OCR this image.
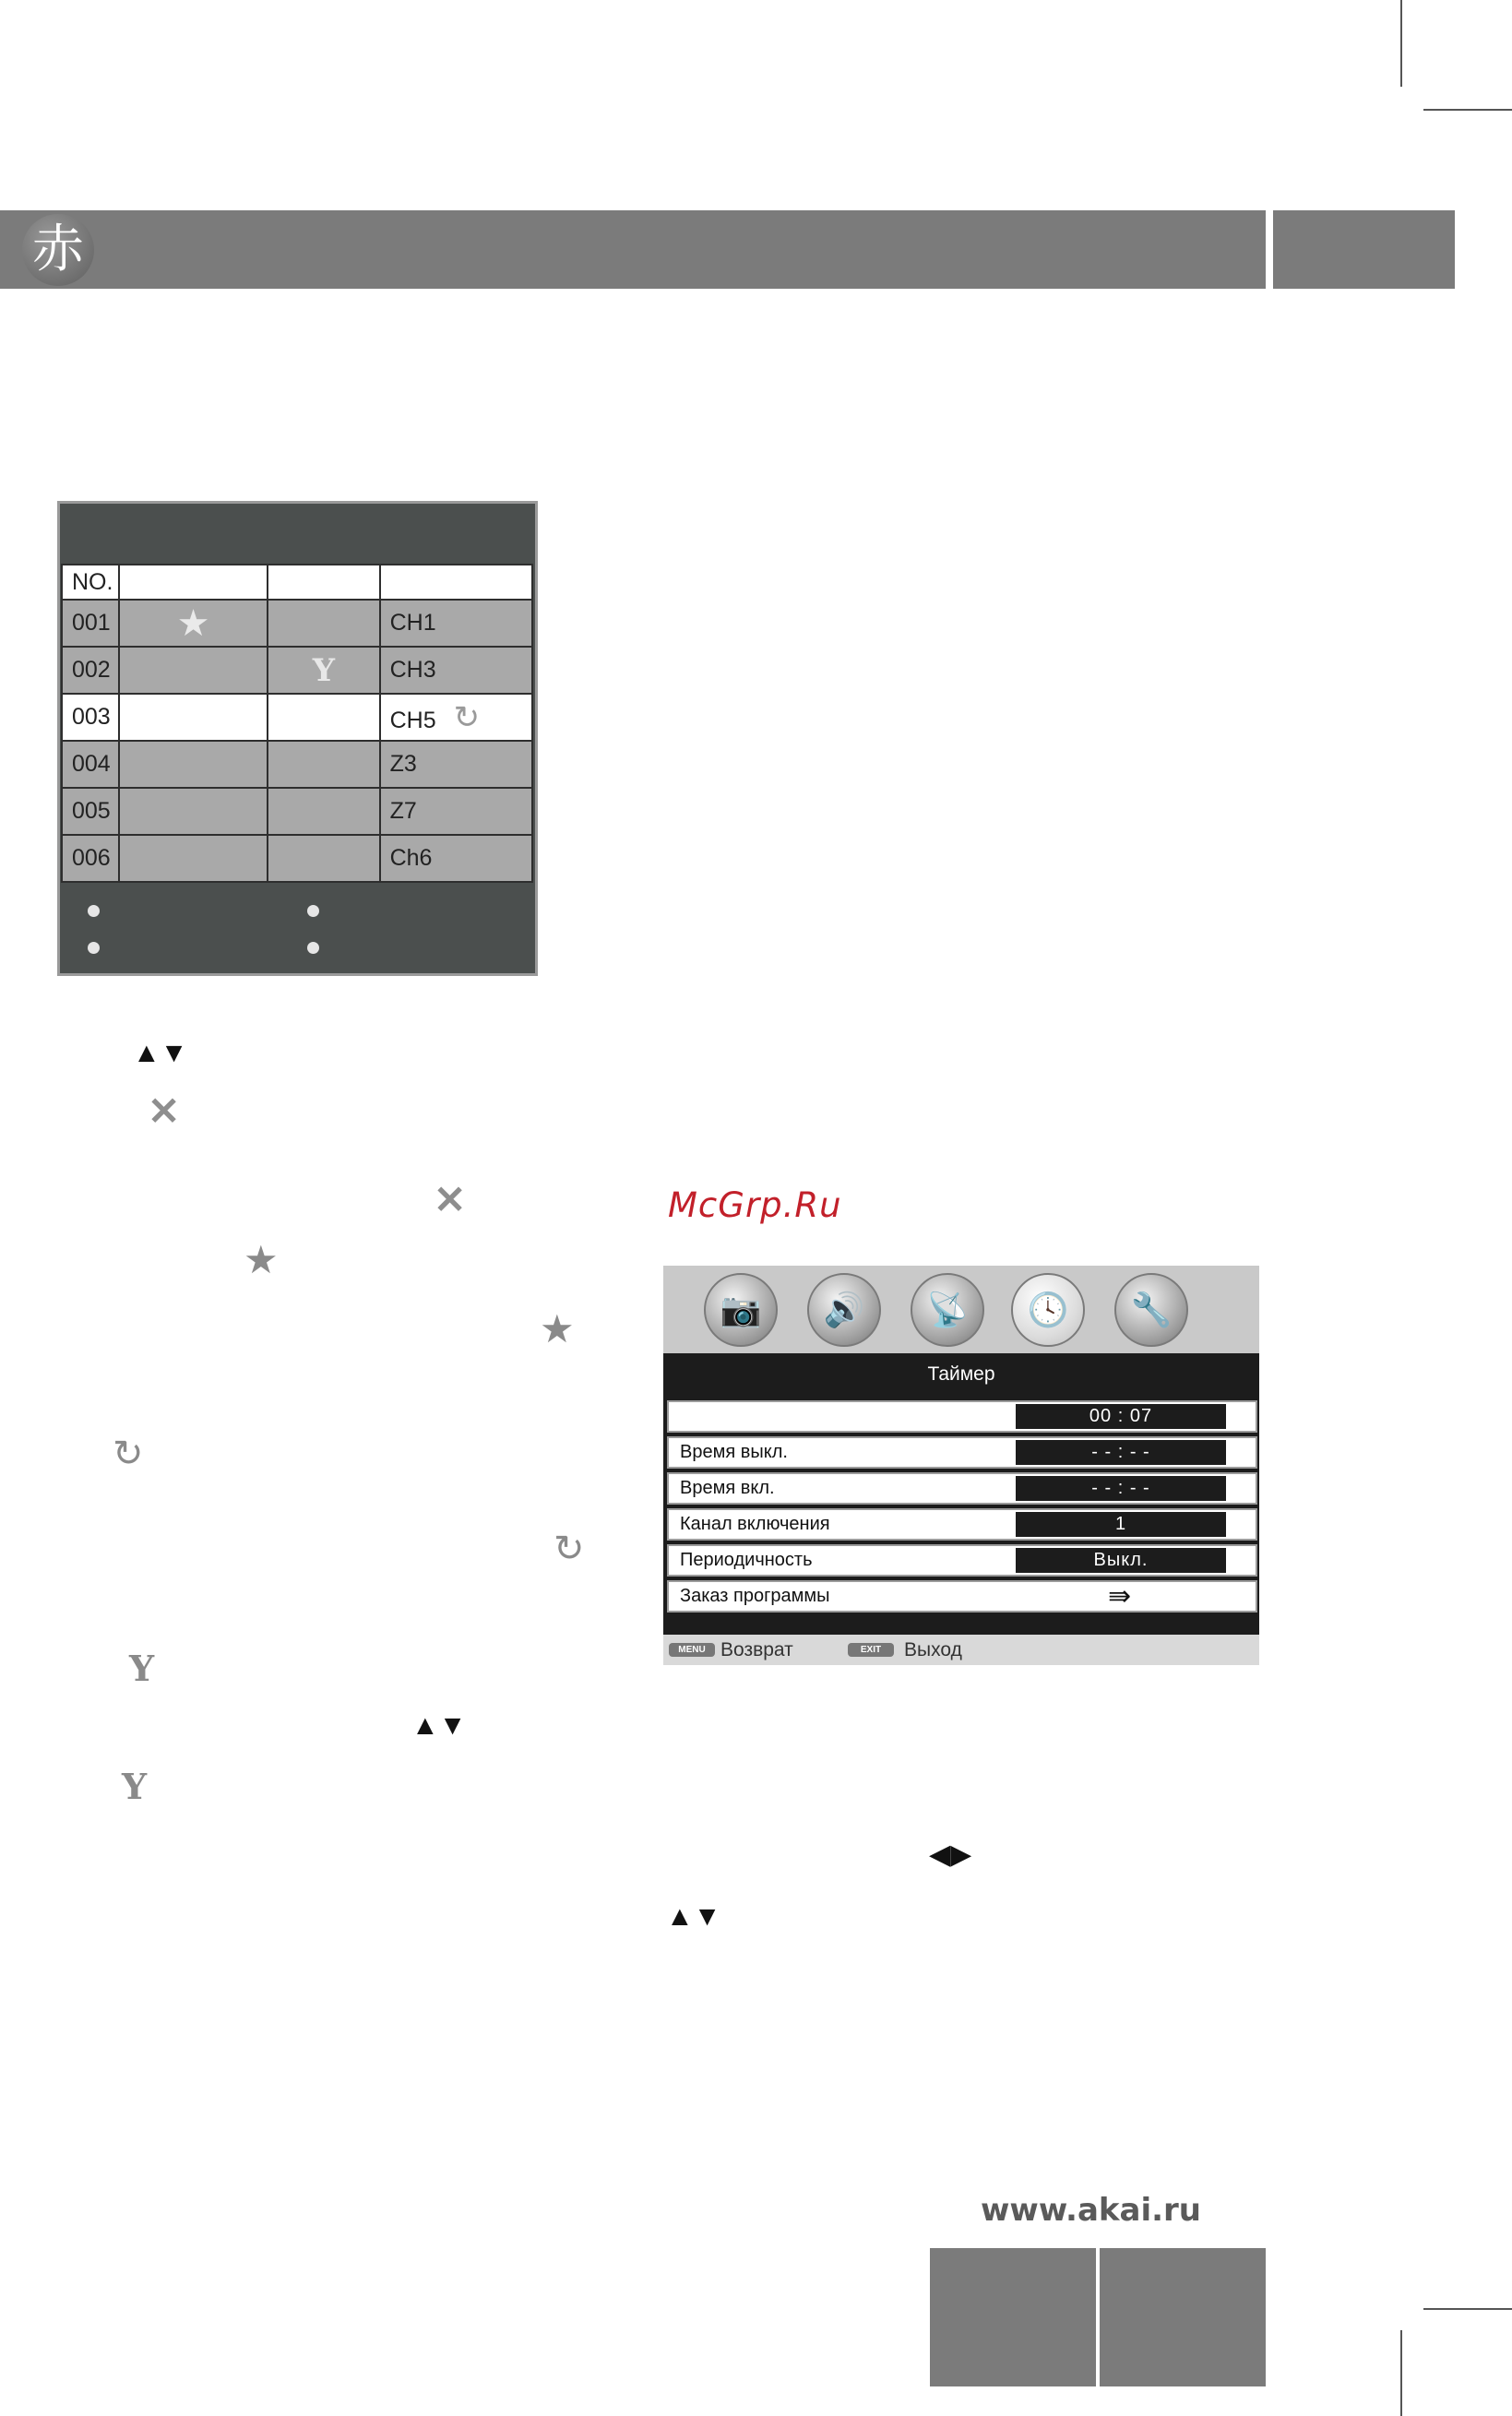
赤
NO.			
001	★		CH1
002		Y	CH3
003			CH5 ↻
004			Z3
005			Z7
006			Ch6
▲▼
✕
✕
★
★
↻
↻
Y
▲▼
Y
McGrp.Ru
📷	🔊	📡	🕓	🔧
Таймер
00 : 07
Время выкл.	- - : - -
Время вкл.	- - : - -
Канал включения	1
Периодичность	Выкл.
Заказ программы	⇛
MENU Возврат	EXIT	Выход
◀▶
▲▼
www.akai.ru
